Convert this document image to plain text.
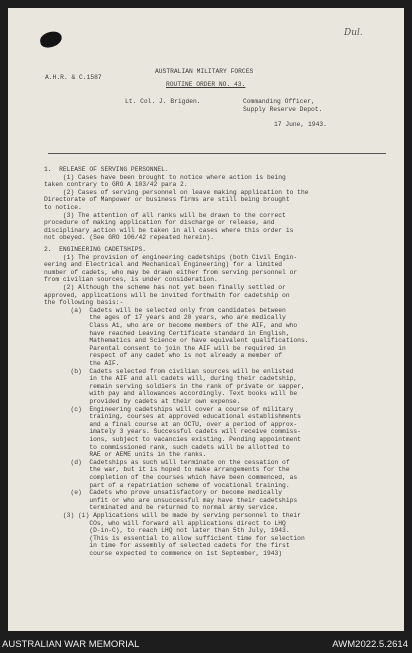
Dul.
A.H.R. & C.1587
AUSTRALIAN MILITARY FORCES
ROUTINE ORDER NO. 43.
Lt. Col. J. Brigden.	Commanding Officer,
Supply Reserve Depot.
17 June, 1943.
1.  RELEASE OF SERVING PERSONNEL.
(1) Cases have been brought to notice where action is being
taken contrary to GRO A 103/42 para 2.
(2) Cases of serving personnel on leave making application to the
Directorate of Manpower or business firms are still being brought
to notice.
(3) The attention of all ranks will be drawn to the correct
procedure of making application for discharge or release, and
disciplinary action will be taken in all cases where this order is
not obeyed. (See GRO 106/42 repeated herein).
2.  ENGINEERING CADETSHIPS.
(1) The provision of engineering cadetships (both Civil Engin-
eering and Electrical and Mechanical Engineering) for a limited
number of cadets, who may be drawn either from serving personnel or
from civilian sources, is under consideration.
(2) Although the scheme has not yet been finally settled or
approved, applications will be invited forthwith for cadetship on
the following basis:-
(a)  Cadets will be selected only from candidates between
the ages of 17 years and 20 years, who are medically
Class A1, who are or become members of the AIF, and who
have reached Leaving Certificate standard in English,
Mathematics and Science or have equivalent qualifications.
Parental consent to join the AIF will be required in
respect of any cadet who is not already a member of
the AIF.
(b)  Cadets selected from civilian sources will be enlisted
in the AIF and all cadets will, during their cadetship,
remain serving soldiers in the rank of private or sapper,
with pay and allowances accordingly. Text books will be
provided by cadets at their own expense.
(c)  Engineering cadetships will cover a course of military
training, courses at approved educational establishments
and a final course at an OCTU, over a period of approx-
imately 3 years. Successful cadets will receive commiss-
ions, subject to vacancies existing. Pending appointment
to commissioned rank, such cadets will be allotted to
RAE or AEME units in the ranks.
(d)  Cadetships as such will terminate on the cessation of
the war, but it is hoped to make arrangements for the
completion of the courses which have been commenced, as
part of a repatriation scheme of vocational training.
(e)  Cadets who prove unsatisfactory or become medically
unfit or who are unsuccessful may have their cadetships
terminated and be returned to normal army service.
(3) (i) Applications will be made by serving personnel to their
COs, who will forward all applications direct to LHQ
(D-in-C), to reach LHQ not later than 5th July, 1943.
(This is essential to allow sufficient time for selection
in time for assembly of selected cadets for the first
course expected to commence on 1st September, 1943)
AUSTRALIAN WAR MEMORIAL	AWM2022.5.2614
